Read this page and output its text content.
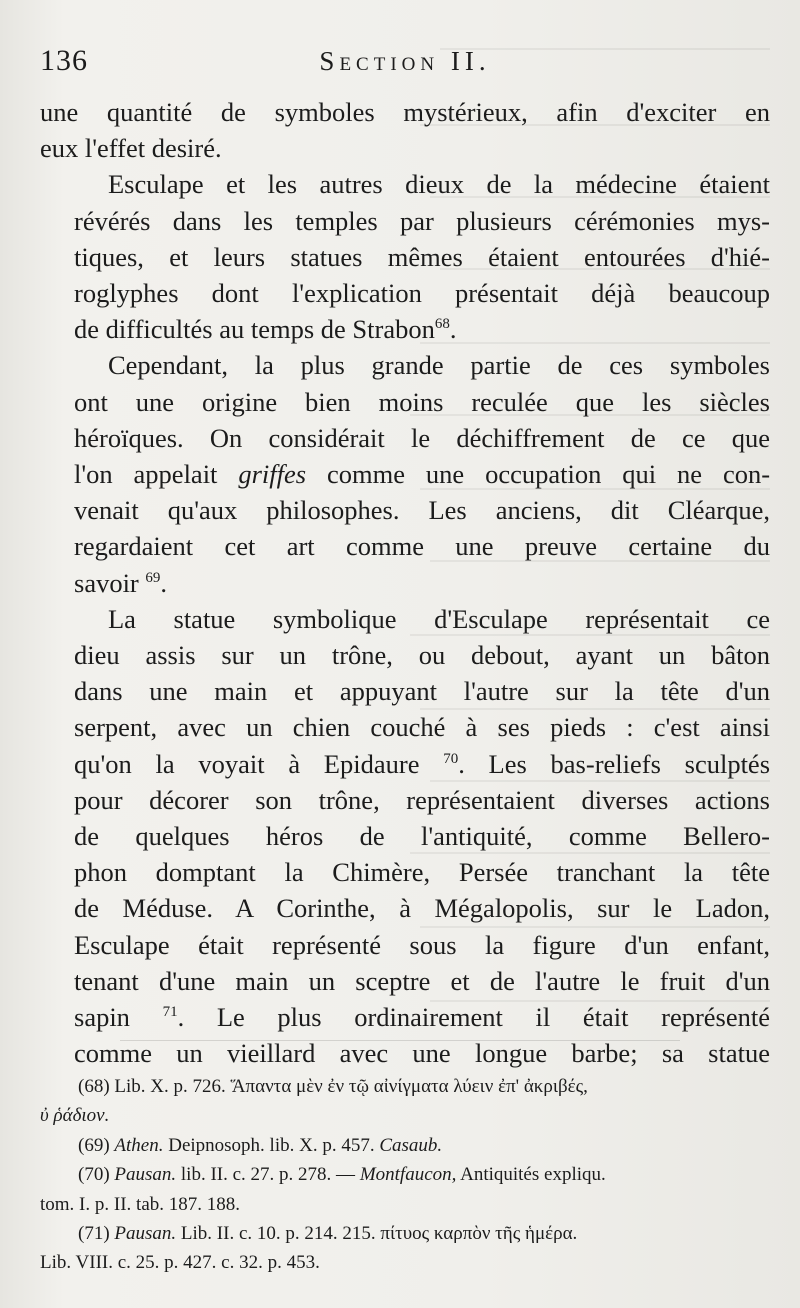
136	Section II.

une quantité de symboles mystérieux, afin d'exciter en
eux l'effet desiré.

Esculape et les autres dieux de la médecine étaient
révérés dans les temples par plusieurs cérémonies mys-
tiques, et leurs statues mêmes étaient entourées d'hié-
roglyphes dont l'explication présentait déjà beaucoup
de difficultés au temps de Strabon$^{68}$.

Cependant, la plus grande partie de ces symboles
ont une origine bien moins reculée que les siècles
héroïques. On considérait le déchiffrement de ce que
l'on appelait griffes comme une occupation qui ne con-
venait qu'aux philosophes. Les anciens, dit Cléarque,
regardaient cet art comme une preuve certaine du
savoir $^{69}$.

La statue symbolique d'Esculape représentait ce
dieu assis sur un trône, ou debout, ayant un bâton
dans une main et appuyant l'autre sur la tête d'un
serpent, avec un chien couché à ses pieds : c'est ainsi
qu'on la voyait à Epidaure $^{70}$. Les bas-reliefs sculptés
pour décorer son trône, représentaient diverses actions
de quelques héros de l'antiquité, comme Bellero-
phon domptant la Chimère, Persée tranchant la tête
de Méduse. A Corinthe, à Mégalopolis, sur le Ladon,
Esculape était représenté sous la figure d'un enfant,
tenant d'une main un sceptre et de l'autre le fruit d'un
sapin $^{71}$. Le plus ordinairement il était représenté
comme un vieillard avec une longue barbe; sa statue

(68) Lib. X. p. 726. Ἅπαντα μὲν ἐν τῷ αἰνίγματα λύειν ἐπ' ἀκριβές,
ὐ ῥάδιον.
(69) Athen. Deipnosoph. lib. X. p. 457. Casaub.
(70) Pausan. lib. II. c. 27. p. 278. — Montfaucon, Antiquités expliqu.
tom. I. p. II. tab. 187. 188.
(71) Pausan. Lib. II. c. 10. p. 214. 215. πίτυος καρπὸν τῆς ἡμέρα.
Lib. VIII. c. 25. p. 427. c. 32. p. 453.
